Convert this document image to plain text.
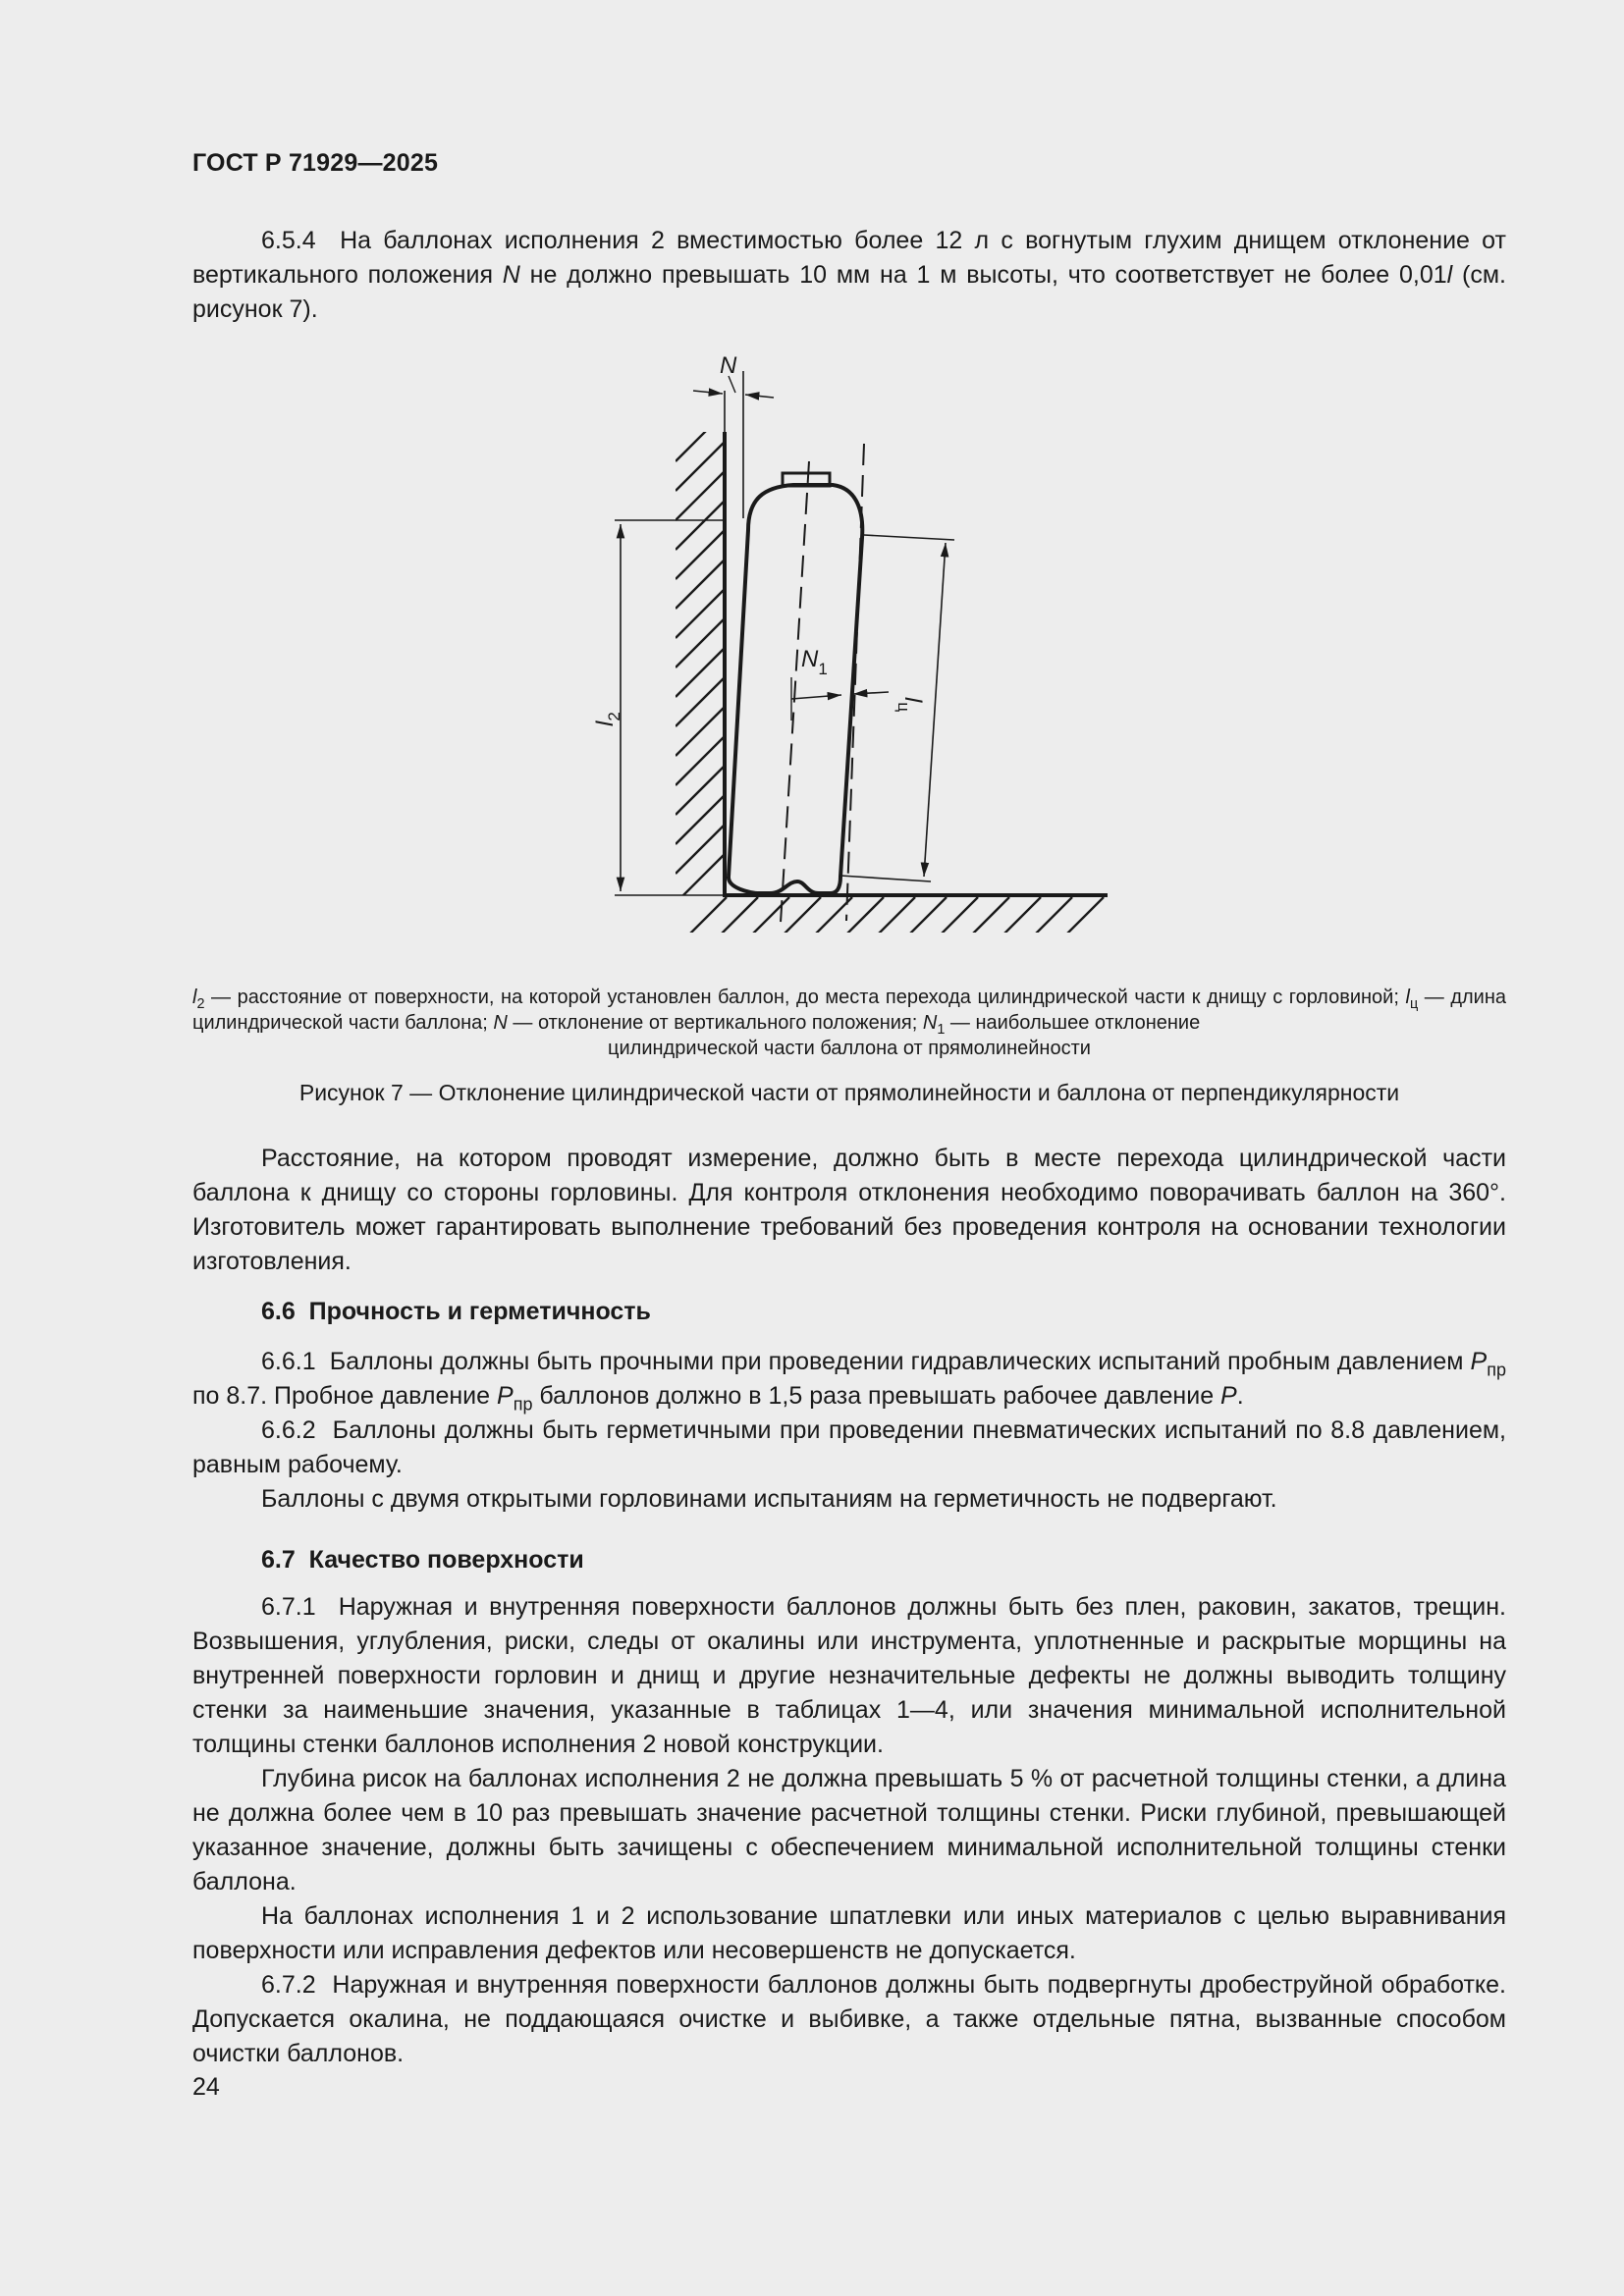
ГОСТ Р 71929—2025

6.5.4 На баллонах исполнения 2 вместимостью более 12 л с вогнутым глухим днищем отклонение от вертикального положения N не должно превышать 10 мм на 1 м высоты, что соответствует не более 0,01l (см. рисунок 7).

N
$N_1$
$l_2$
$l_ц$
$l_2$ — расстояние от поверхности, на которой установлен баллон, до места перехода цилиндрической части к днищу с горловиной; $l_ц$ — длина цилиндрической части баллона; N — отклонение от вертикального положения; $N_1$ — наибольшее отклонение
цилиндрической части баллона от прямолинейности
Рисунок 7 — Отклонение цилиндрической части от прямолинейности и баллона от перпендикулярности

Расстояние, на котором проводят измерение, должно быть в месте перехода цилиндрической части баллона к днищу со стороны горловины. Для контроля отклонения необходимо поворачивать баллон на 360°. Изготовитель может гарантировать выполнение требований без проведения контроля на основании технологии изготовления.

6.6 Прочность и герметичность

6.6.1 Баллоны должны быть прочными при проведении гидравлических испытаний пробным давлением $P_{пр}$ по 8.7. Пробное давление $P_{пр}$ баллонов должно в 1,5 раза превышать рабочее давление P.

6.6.2 Баллоны должны быть герметичными при проведении пневматических испытаний по 8.8 давлением, равным рабочему.

Баллоны с двумя открытыми горловинами испытаниям на герметичность не подвергают.

6.7 Качество поверхности

6.7.1 Наружная и внутренняя поверхности баллонов должны быть без плен, раковин, закатов, трещин. Возвышения, углубления, риски, следы от окалины или инструмента, уплотненные и раскрытые морщины на внутренней поверхности горловин и днищ и другие незначительные дефекты не должны выводить толщину стенки за наименьшие значения, указанные в таблицах 1—4, или значения минимальной исполнительной толщины стенки баллонов исполнения 2 новой конструкции.

Глубина рисок на баллонах исполнения 2 не должна превышать 5 % от расчетной толщины стенки, а длина не должна более чем в 10 раз превышать значение расчетной толщины стенки. Риски глубиной, превышающей указанное значение, должны быть зачищены с обеспечением минимальной исполнительной толщины стенки баллона.

На баллонах исполнения 1 и 2 использование шпатлевки или иных материалов с целью выравнивания поверхности или исправления дефектов или несовершенств не допускается.

6.7.2 Наружная и внутренняя поверхности баллонов должны быть подвергнуты дробеструйной обработке. Допускается окалина, не поддающаяся очистке и выбивке, а также отдельные пятна, вызванные способом очистки баллонов.

24
